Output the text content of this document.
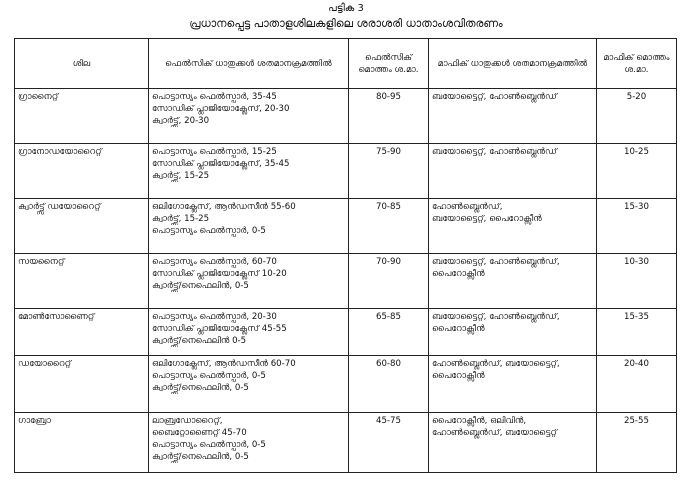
പട്ടിക 3
പ്രധാനപ്പെട്ട പാതാളശിലകളിലെ ശരാശരി ധാതാംശവിതരണം
ശില	ഫെൽസിക് ധാതുക്കൾ ശതമാനക്രമത്തിൽ	ഫെൽസിക് മൊത്തം ശ.മാ.	മാഫിക് ധാതുക്കൾ ശതമാനക്രമത്തിൽ	മാഫിക് മൊത്തം ശ.മാ.
ഗ്രാനൈറ്റ്	പൊട്ടാസ്യം ഫെൽസ്പാർ, 35-45
സോഡിക് പ്ലാജിയോക്ലേസ്, 20-30
ക്വാർട്ട്സ്, 20-30	80-95	ബയോട്ടൈറ്റ്, ഹോൺബ്ലെൻഡ്	5-20
ഗ്രാനോഡയോറൈറ്റ്	പൊട്ടാസ്യം ഫെൽസ്പാർ, 15-25
സോഡിക് പ്ലാജിയോക്ലേസ്, 35-45
ക്വാർട്ട്സ്, 15-25	75-90	ബയോട്ടൈറ്റ്, ഹോൺബ്ലെൻഡ്	10-25
ക്വാർട്ട്സ് ഡയോറൈറ്റ്	ഒലിഗോക്ലേസ്, ആൻഡസീൻ 55-60
ക്വാർട്ട്സ്, 15-25
പൊട്ടാസ്യം ഫെൽസ്പാർ, 0-5	70-85	ഹോൺബ്ലെൻഡ്,
ബയോട്ടൈറ്റ്, പൈറോക്സീൻ	15-30
സയനൈറ്റ്	പൊട്ടാസ്യം ഫെൽസ്പാർ, 60-70
സോഡിക് പ്ലാജിയോക്ലേസ് 10-20
ക്വാർട്ട്സ്/നെഫെലിൻ, 0-5	70-90	ബയോട്ടൈറ്റ്, ഹോൺബ്ലെൻഡ്,
പൈറോക്സീൻ	10-30
മോൺസോണൈറ്റ്	പൊട്ടാസ്യം ഫെൽസ്പാർ, 20-30
സോഡിക് പ്ലാജിയോക്ലേസ് 45-55
ക്വാർട്ട്സ്/നെഫെലിൻ 0-5	65-85	ബയോട്ടൈറ്റ്, ഹോൺബ്ലെൻഡ്,
പൈറോക്സീൻ	15-35
ഡയോറൈറ്റ്	ഒലിഗോക്ലേസ്, ആൻഡസീൻ 60-70
പൊട്ടാസ്യം ഫെൽസ്പാർ, 0-5
ക്വാർട്ട്സ്/നെഫെലിൻ, 0-5	60-80	ഹോൺബ്ലെൻഡ്, ബയോട്ടൈറ്റ്,
പൈറോക്സീൻ	20-40
ഗാബ്രോ	ലാബ്രഡോറൈറ്റ്,
ബൈറ്റോണൈറ്റ് 45-70
പൊട്ടാസ്യം ഫെൽസ്പാർ, 0-5
ക്വാർട്ട്സ്/നെഫെലിൻ, 0-5	45-75	പൈറോക്സീൻ, ഒലിവിൻ,
ഹോൺബ്ലെൻഡ്, ബയോട്ടൈറ്റ്	25-55
